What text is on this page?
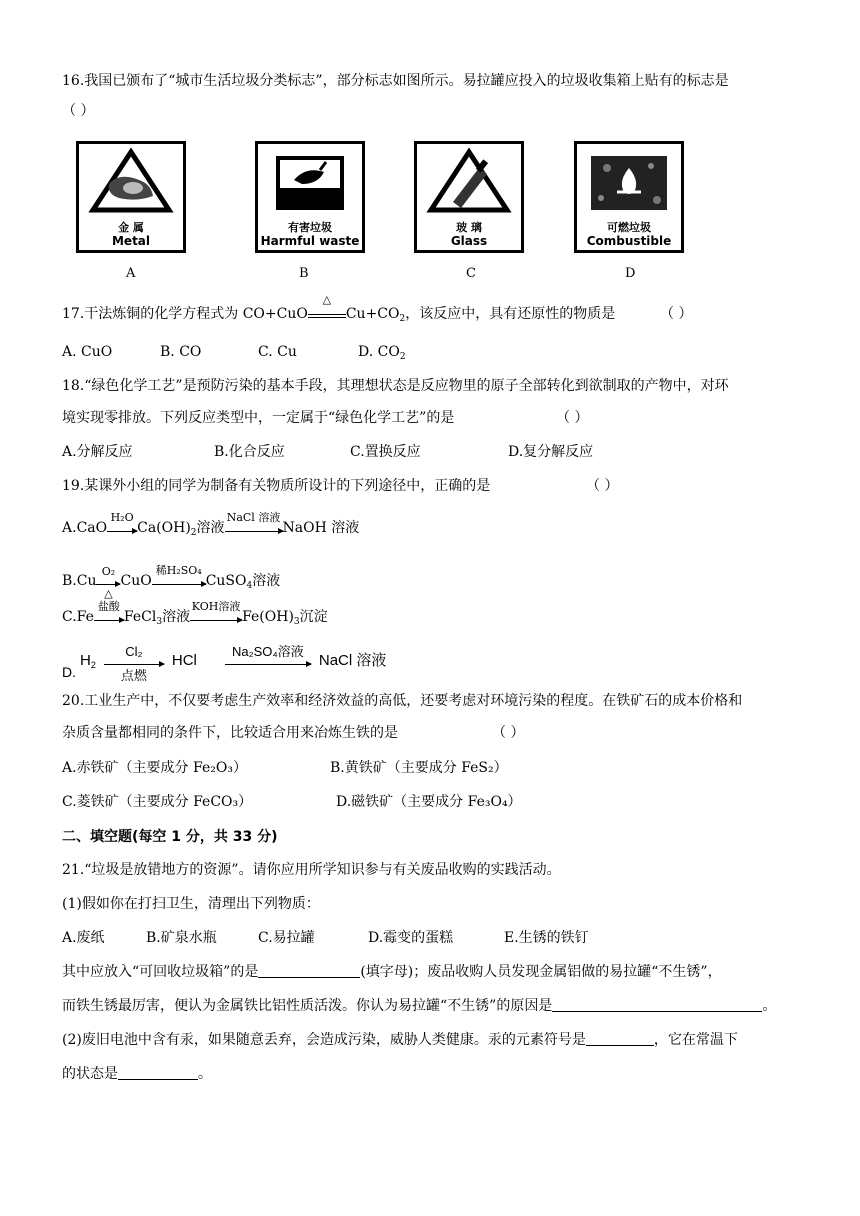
16.我国已颁布了“城市生活垃圾分类标志”，部分标志如图所示。易拉罐应投入的垃圾收集箱上贴有的标志是
（ ）
金 属
Metal
有害垃圾
Harmful waste
玻 璃
Glass
可燃垃圾
Combustible
A	B	C	D
17.干法炼铜的化学方程式为 CO+CuO
△
$Cu+CO_2$，该反应中，具有还原性的物质是	（ ）
A. CuO	B. CO	C. Cu	D. $CO_2$
18.“绿色化学工艺”是预防污染的基本手段，其理想状态是反应物里的原子全部转化到欲制取的产物中，对环
境实现零排放。下列反应类型中，一定属于“绿色化学工艺”的是	（ ）
A.分解反应	B.化合反应	C.置换反应	D.复分解反应
19.某课外小组的同学为制备有关物质所设计的下列途径中，正确的是	（ ）
A.CaO
H₂O
$Ca(OH)_2$溶液
NaCl 溶液
NaOH 溶液
B.Cu
O₂
△
CuO
稀H₂SO₄
CuSO$_4$溶液
C.Fe
盐酸
FeCl$_3$溶液
KOH溶液
$Fe(OH)_3$沉淀
$D.H_2$
Cl₂
点燃
HCl
Na₂SO₄溶液
NaCl 溶液
20.工业生产中，不仅要考虑生产效率和经济效益的高低，还要考虑对环境污染的程度。在铁矿石的成本价格和
杂质含量都相同的条件下，比较适合用来冶炼生铁的是	（ ）
A.赤铁矿（主要成分 Fe₂O₃）	B.黄铁矿（主要成分 FeS₂）
C.菱铁矿（主要成分 FeCO₃）	D.磁铁矿（主要成分 Fe₃O₄）
二、填空题(每空 1 分，共 33 分)
21.“垃圾是放错地方的资源”。请你应用所学知识参与有关废品收购的实践活动。
(1)假如你在打扫卫生，清理出下列物质：
A.废纸	B.矿泉水瓶	C.易拉罐	D.霉变的蛋糕	E.生锈的铁钉
其中应放入“可回收垃圾箱”的是	(填字母)；废品收购人员发现金属铝做的易拉罐“不生锈”，
而铁生锈最厉害，便认为金属铁比铝性质活泼。你认为易拉罐“不生锈”的原因是	。
(2)废旧电池中含有汞，如果随意丢弃，会造成污染，威胁人类健康。汞的元素符号是	，它在常温下
的状态是	。
